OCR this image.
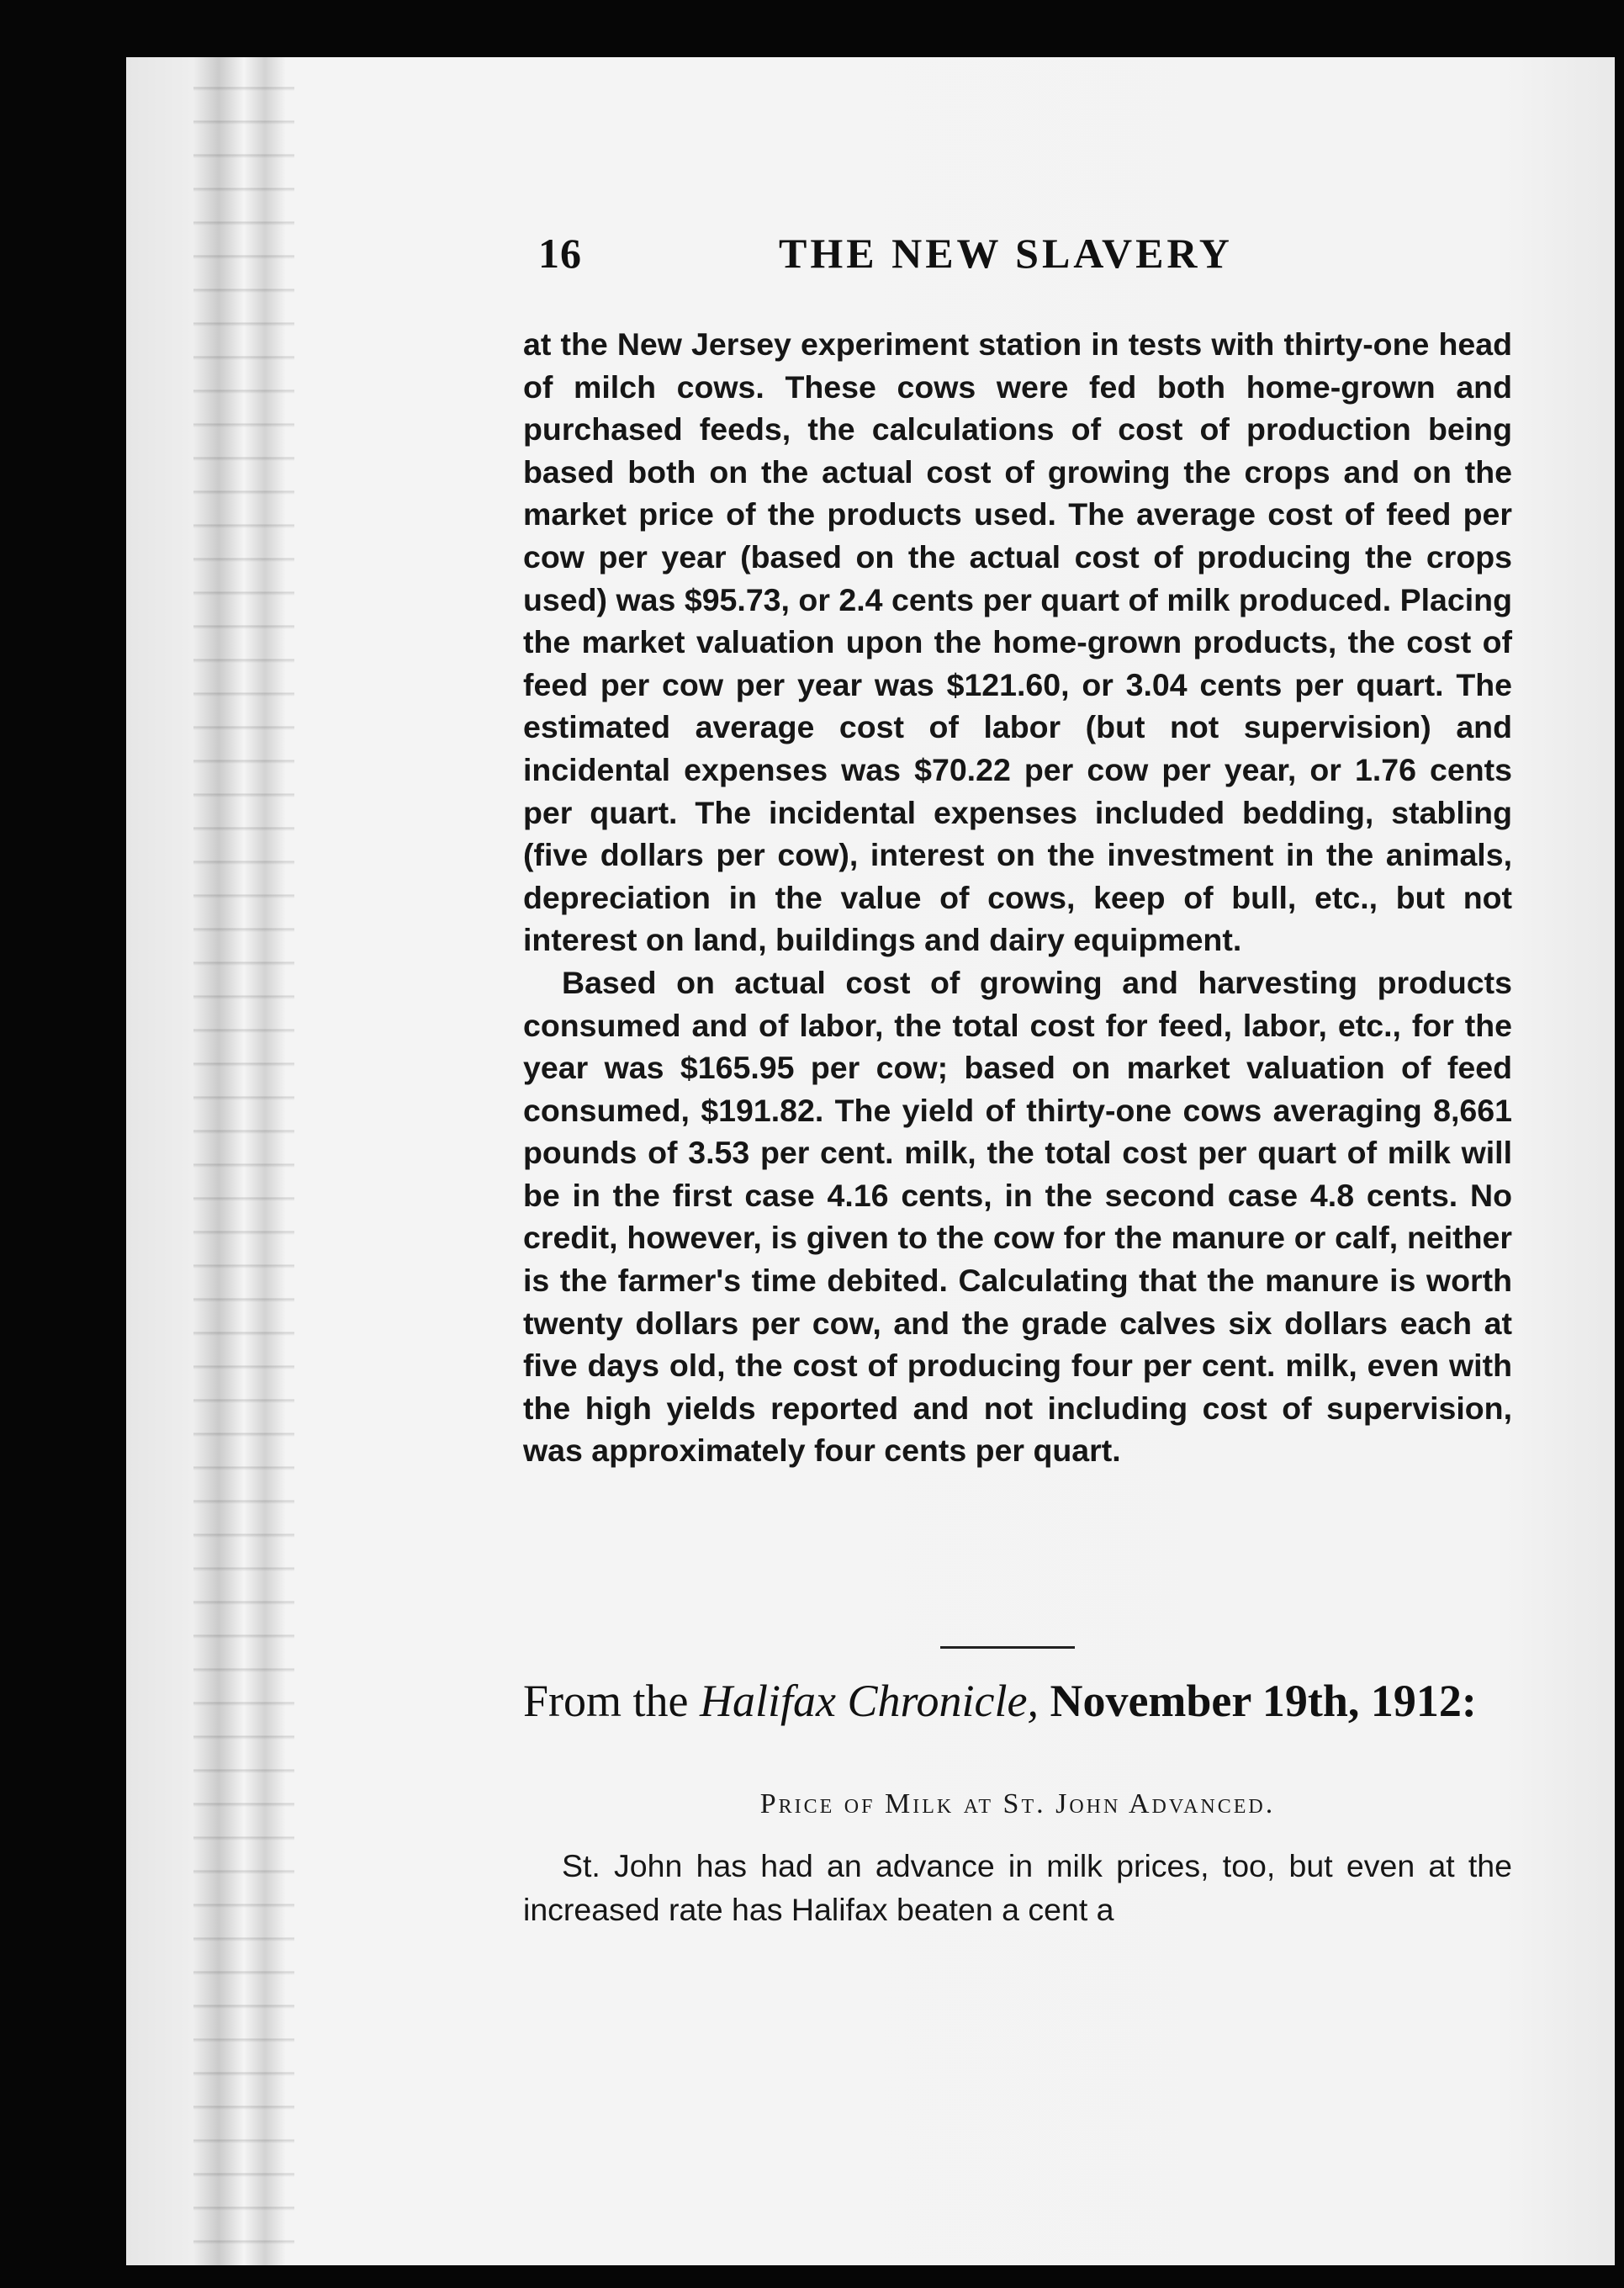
16	THE NEW SLAVERY

at the New Jersey experiment station in tests with thirty-one head of milch cows. These cows were fed both home-grown and purchased feeds, the calculations of cost of production being based both on the actual cost of growing the crops and on the market price of the products used. The average cost of feed per cow per year (based on the actual cost of producing the crops used) was $95.73, or 2.4 cents per quart of milk produced. Placing the market valuation upon the home-grown products, the cost of feed per cow per year was $121.60, or 3.04 cents per quart. The estimated average cost of labor (but not supervision) and incidental expenses was $70.22 per cow per year, or 1.76 cents per quart. The incidental expenses included bedding, stabling (five dollars per cow), interest on the investment in the animals, depreciation in the value of cows, keep of bull, etc., but not interest on land, buildings and dairy equipment.

Based on actual cost of growing and harvesting products consumed and of labor, the total cost for feed, labor, etc., for the year was $165.95 per cow; based on market valuation of feed consumed, $191.82. The yield of thirty-one cows averaging 8,661 pounds of 3.53 per cent. milk, the total cost per quart of milk will be in the first case 4.16 cents, in the second case 4.8 cents. No credit, however, is given to the cow for the manure or calf, neither is the farmer's time debited. Calculating that the manure is worth twenty dollars per cow, and the grade calves six dollars each at five days old, the cost of producing four per cent. milk, even with the high yields reported and not including cost of supervision, was approximately four cents per quart.

From the Halifax Chronicle, November 19th, 1912:
Price of Milk at St. John Advanced.
St. John has had an advance in milk prices, too, but even at the increased rate has Halifax beaten a cent a
